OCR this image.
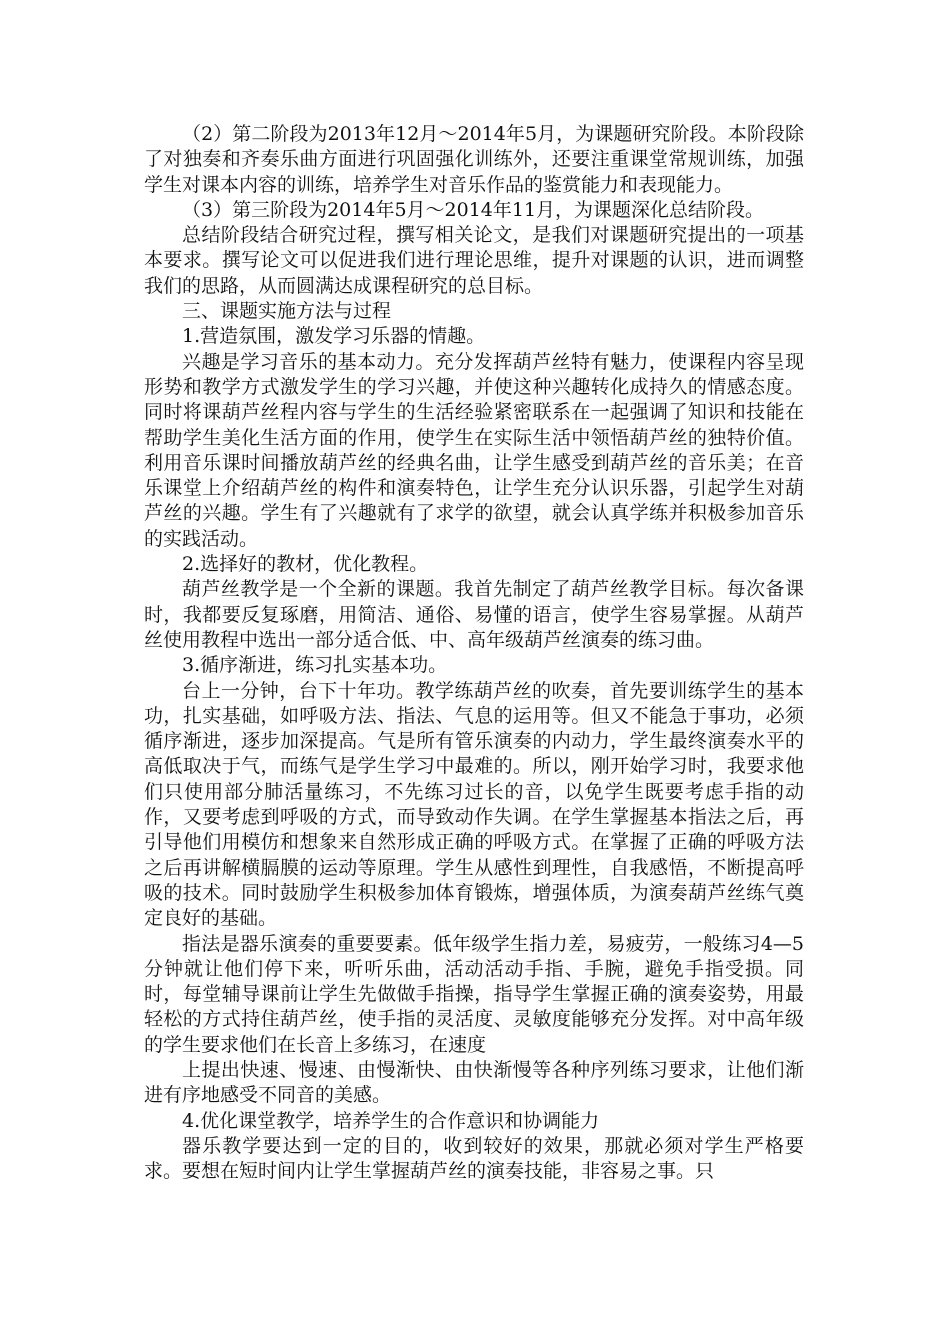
（2）第二阶段为2013年12月～2014年5月，为课题研究阶段。本阶段除了对独奏和齐奏乐曲方面进行巩固强化训练外，还要注重课堂常规训练，加强学生对课本内容的训练，培养学生对音乐作品的鉴赏能力和表现能力。

（3）第三阶段为2014年5月～2014年11月，为课题深化总结阶段。

总结阶段结合研究过程，撰写相关论文，是我们对课题研究提出的一项基本要求。撰写论文可以促进我们进行理论思维，提升对课题的认识，进而调整我们的思路，从而圆满达成课程研究的总目标。

三、课题实施方法与过程

1.营造氛围，激发学习乐器的情趣。

兴趣是学习音乐的基本动力。充分发挥葫芦丝特有魅力，使课程内容呈现形势和教学方式激发学生的学习兴趣，并使这种兴趣转化成持久的情感态度。同时将课葫芦丝程内容与学生的生活经验紧密联系在一起强调了知识和技能在帮助学生美化生活方面的作用，使学生在实际生活中领悟葫芦丝的独特价值。利用音乐课时间播放葫芦丝的经典名曲，让学生感受到葫芦丝的音乐美；在音乐课堂上介绍葫芦丝的构件和演奏特色，让学生充分认识乐器，引起学生对葫芦丝的兴趣。学生有了兴趣就有了求学的欲望，就会认真学练并积极参加音乐的实践活动。

2.选择好的教材，优化教程。

葫芦丝教学是一个全新的课题。我首先制定了葫芦丝教学目标。每次备课时，我都要反复琢磨，用简洁、通俗、易懂的语言，使学生容易掌握。从葫芦丝使用教程中选出一部分适合低、中、高年级葫芦丝演奏的练习曲。

3.循序渐进，练习扎实基本功。

台上一分钟，台下十年功。教学练葫芦丝的吹奏，首先要训练学生的基本功，扎实基础，如呼吸方法、指法、气息的运用等。但又不能急于事功，必须循序渐进，逐步加深提高。气是所有管乐演奏的内动力，学生最终演奏水平的高低取决于气，而练气是学生学习中最难的。所以，刚开始学习时，我要求他们只使用部分肺活量练习，不先练习过长的音，以免学生既要考虑手指的动作，又要考虑到呼吸的方式，而导致动作失调。在学生掌握基本指法之后，再引导他们用模仿和想象来自然形成正确的呼吸方式。在掌握了正确的呼吸方法之后再讲解横膈膜的运动等原理。学生从感性到理性，自我感悟，不断提高呼吸的技术。同时鼓励学生积极参加体育锻炼，增强体质，为演奏葫芦丝练气奠定良好的基础。

指法是器乐演奏的重要要素。低年级学生指力差，易疲劳，一般练习4—5分钟就让他们停下来，听听乐曲，活动活动手指、手腕，避免手指受损。同时，每堂辅导课前让学生先做做手指操，指导学生掌握正确的演奏姿势，用最轻松的方式持住葫芦丝，使手指的灵活度、灵敏度能够充分发挥。对中高年级的学生要求他们在长音上多练习，在速度

上提出快速、慢速、由慢渐快、由快渐慢等各种序列练习要求，让他们渐进有序地感受不同音的美感。

4.优化课堂教学，培养学生的合作意识和协调能力

器乐教学要达到一定的目的，收到较好的效果，那就必须对学生严格要求。要想在短时间内让学生掌握葫芦丝的演奏技能，非容易之事。只
